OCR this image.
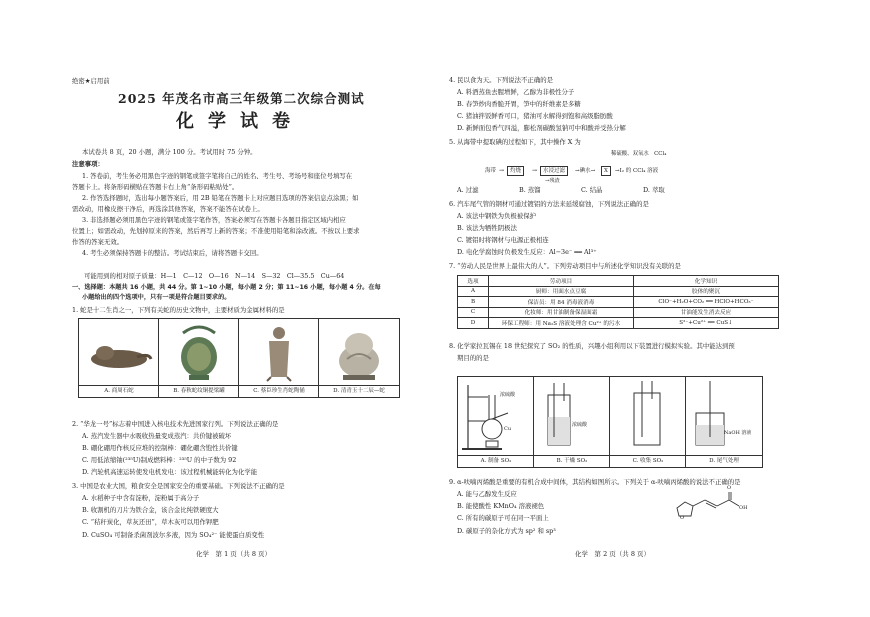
绝密★启用前
2025 年茂名市高三年级第二次综合测试
化学试卷
本试卷共 8 页，20 小题，满分 100 分。考试用时 75 分钟。
注意事项：
1. 答卷前，考生务必用黑色字迹的钢笔或签字笔将自己的姓名、考生号、考场号和座位号填写在
答题卡上。将条形码横贴在答题卡右上角“条形码粘贴处”。
2. 作答选择题时，选出每小题答案后，用 2B 铅笔在答题卡上对应题目选项的答案信息点涂黑；如
需改动，用橡皮擦干净后，再选涂其他答案，答案不能答在试卷上。
3. 非选择题必须用黑色字迹的钢笔或签字笔作答，答案必须写在答题卡各题目指定区域内相应
位置上；如需改动，先划掉原来的答案，然后再写上新的答案；不准使用铅笔和涂改液。不按以上要求
作答的答案无效。
4. 考生必须保持答题卡的整洁。考试结束后，请将答题卡交回。
可能用到的相对原子质量：H—1　C—12　O—16　N—14　S—32　Cl—35.5　Cu—64
一、选择题：本题共 16 小题，共 44 分。第 1~10 小题，每小题 2 分；第 11~16 小题，每小题 4 分。在每
小题给出的四个选项中，只有一项是符合题目要求的。
1. 蛇是十二生肖之一，下列有关蛇的历史文物中，主要材质为金属材料的是
A. 商周石蛇	B. 春秋蛇纹铜提梁罐	C. 蔡臣珍生肖蛇陶俑	D. 清青玉十二辰—蛇
2. “华龙一号”标志着中国进入核电技术先进国家行列。下列说法正确的是
A. 蒸汽发生器中水吸收热量变成蒸汽：共价键被破坏
B. 硼化硼用作核反应堆的控制棒：硼化硼含饱性共价键
C. 用低浓缩铀(²³⁵U)制成燃料棒：²³⁵U 的中子数为 92
D. 汽轮机高速运转使发电机发电：该过程机械能转化为化学能
3. 中国是农业大国，粮食安全是国家安全的重要基础。下列说法不正确的是
A. 水稻种子中含有淀粉，淀粉属于高分子
B. 收割机的刀片为铁合金，该合金比纯铁硬度大
C. “秸秆炭化，草灰还田”，草木灰可以用作钾肥
D. CuSO₄ 可制备杀菌剂波尔多液，因为 SO₄²⁻ 能使蛋白质变性
化学　第 1 页（共 8 页）
4. 民以食为天。下列说法不正确的是
A. 料酒蒸鱼去腥增鲜，乙醇为非极性分子
B. 春笋炒肉香脆开胃，笋中的纤维素是多糖
C. 猪油拌饭鲜香可口，猪油可水解得到饱和高级脂肪酸
D. 新鲜面包香气四溢，膨松剂碳酸氢钠可中和酸并受热分解
5. 从海带中提取碘的过程如下，其中操作 X 为
稀硫酸、双氧水　CCl₄
海带 →	灼烧	→	水浸过滤	→碘水→	X	→I₂ 的 CCl₄ 溶液
→残渣
A. 过滤	B. 蒸馏	C. 结晶	D. 萃取
6. 汽车尾气管的钢材可通过镀铝的方法来延缓腐蚀，下列说法正确的是
A. 该法中钢铁为负极被保护
B. 该法为牺牲阴极法
C. 镀铝时将钢材与电源正极相连
D. 电化学腐蚀时负极发生反应：Al−3e⁻ ══ Al³⁺
7. “劳动人民是世界上最伟大的人”。下列劳动项目中与所述化学知识没有关联的是
选项	劳动项目	化学知识
A	厨师：用面水点豆腐	胶体的聚沉
B	保洁员：用 84 消毒液消毒	ClO⁻+H₂O+CO₂ ══ HClO+HCO₃⁻
C	化妆师：用甘油制备保湿面霜	甘油能发生消去反应
D	环保工程师：用 Na₂S 溶液处理含 Cu²⁺ 的污水	S²⁻+Cu²⁺ ══ CuS↓
8. 化学家拉瓦锡在 18 世纪探究了 SO₂ 的性质，兴趣小组利用以下装置进行模拟实验。其中能达到预
期目的的是
浓硫酸
Cu
A. 制备 SO₂
浓硫酸
B. 干燥 SO₂	C. 收集 SO₂
NaOH 溶液
D. 尾气处理
9. α-呋喃丙烯酸是重要的有机合成中间体，其结构如图所示。下列关于 α-呋喃丙烯酸的说法不正确的是
A. 能与乙醇发生反应
B. 能使酸性 KMnO₄ 溶液褪色
C. 所有的碳原子可在同一平面上
D. 碳原子的杂化方式为 sp² 和 sp³
O
O
OH
化学　第 2 页（共 8 页）
